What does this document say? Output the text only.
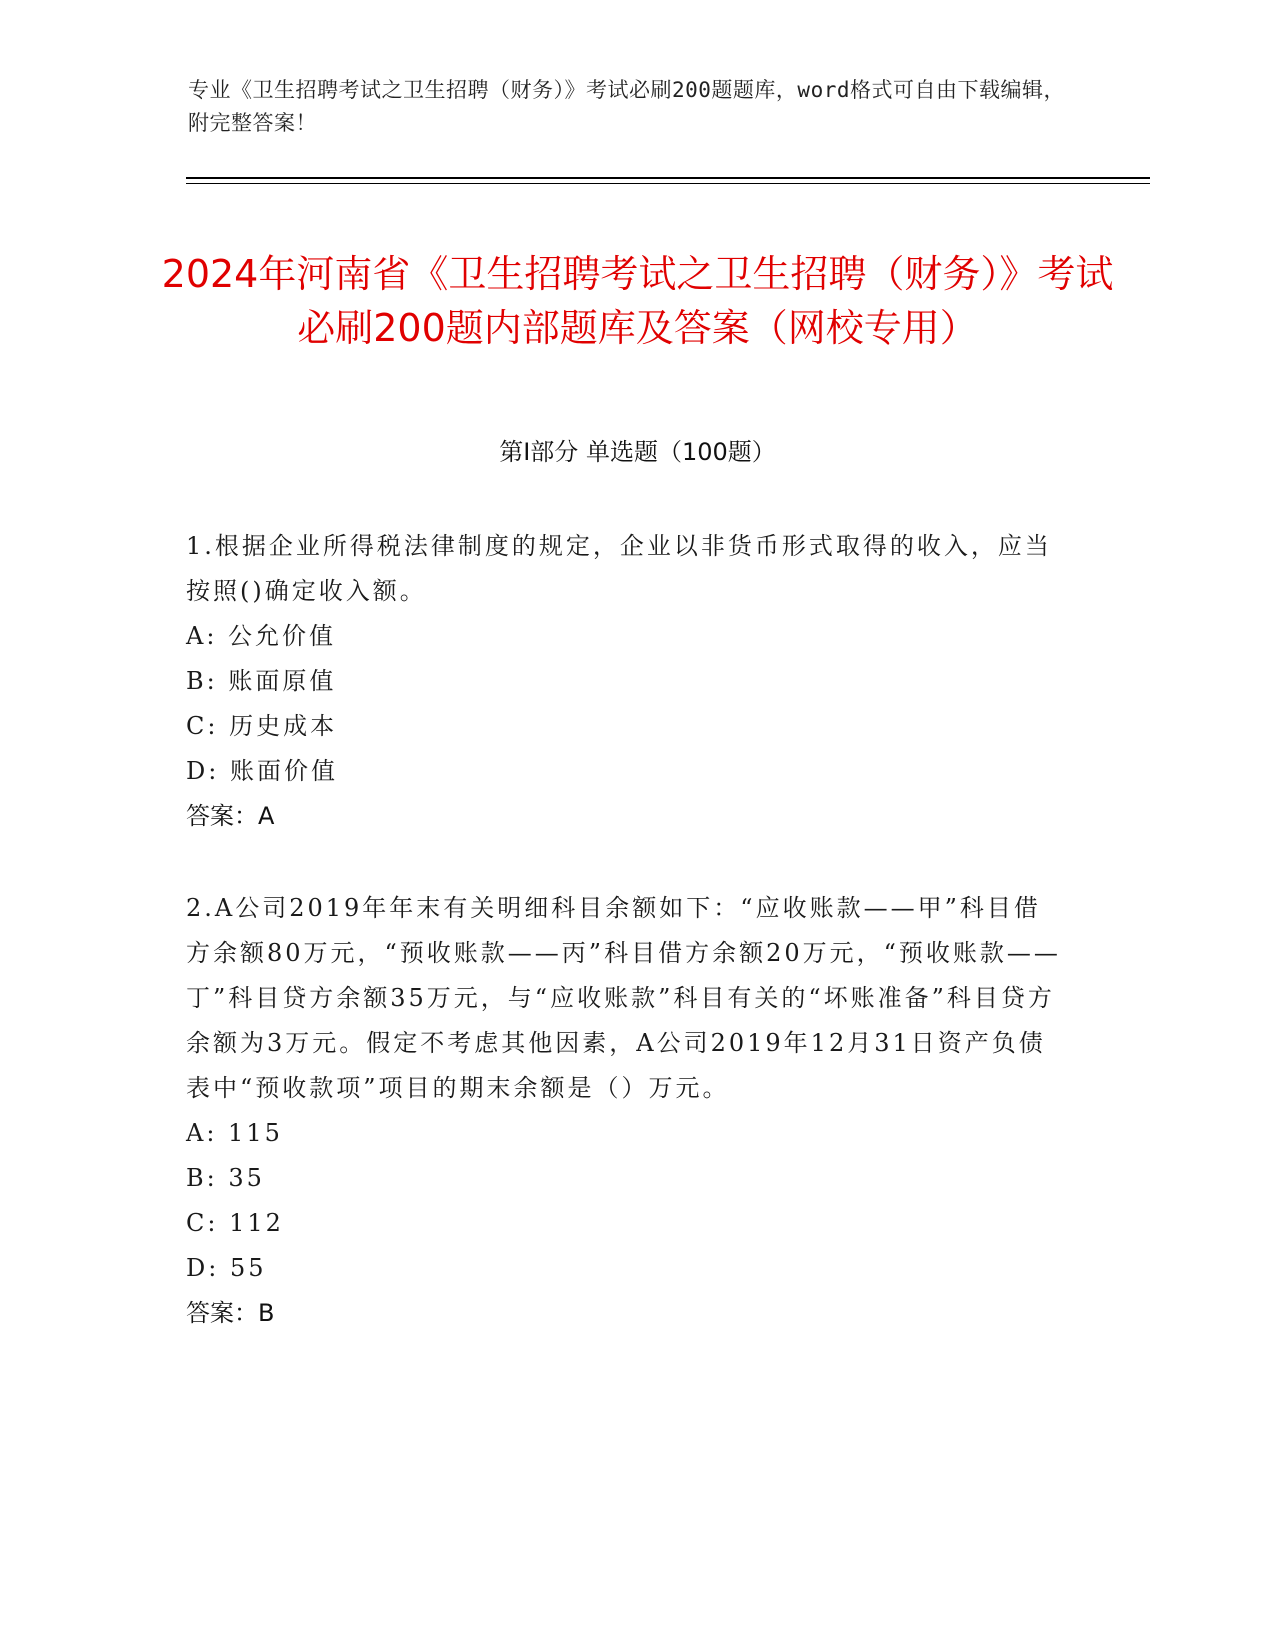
专业《卫生招聘考试之卫生招聘（财务）》考试必刷200题题库，word格式可自由下载编辑，附完整答案！
2024年河南省《卫生招聘考试之卫生招聘（财务）》考试必刷200题内部题库及答案（网校专用）
第I部分 单选题（100题）
1.根据企业所得税法律制度的规定，企业以非货币形式取得的收入，应当按照()确定收入额。
A: 公允价值
B: 账面原值
C: 历史成本
D: 账面价值
答案：A
2.A公司2019年年末有关明细科目余额如下：“应收账款——甲”科目借方余额80万元，“预收账款——丙”科目借方余额20万元，“预收账款——丁”科目贷方余额35万元，与“应收账款”科目有关的“坏账准备”科目贷方余额为3万元。假定不考虑其他因素，A公司2019年12月31日资产负债表中“预收款项”项目的期末余额是（）万元。
A: 115
B: 35
C: 112
D: 55
答案：B
